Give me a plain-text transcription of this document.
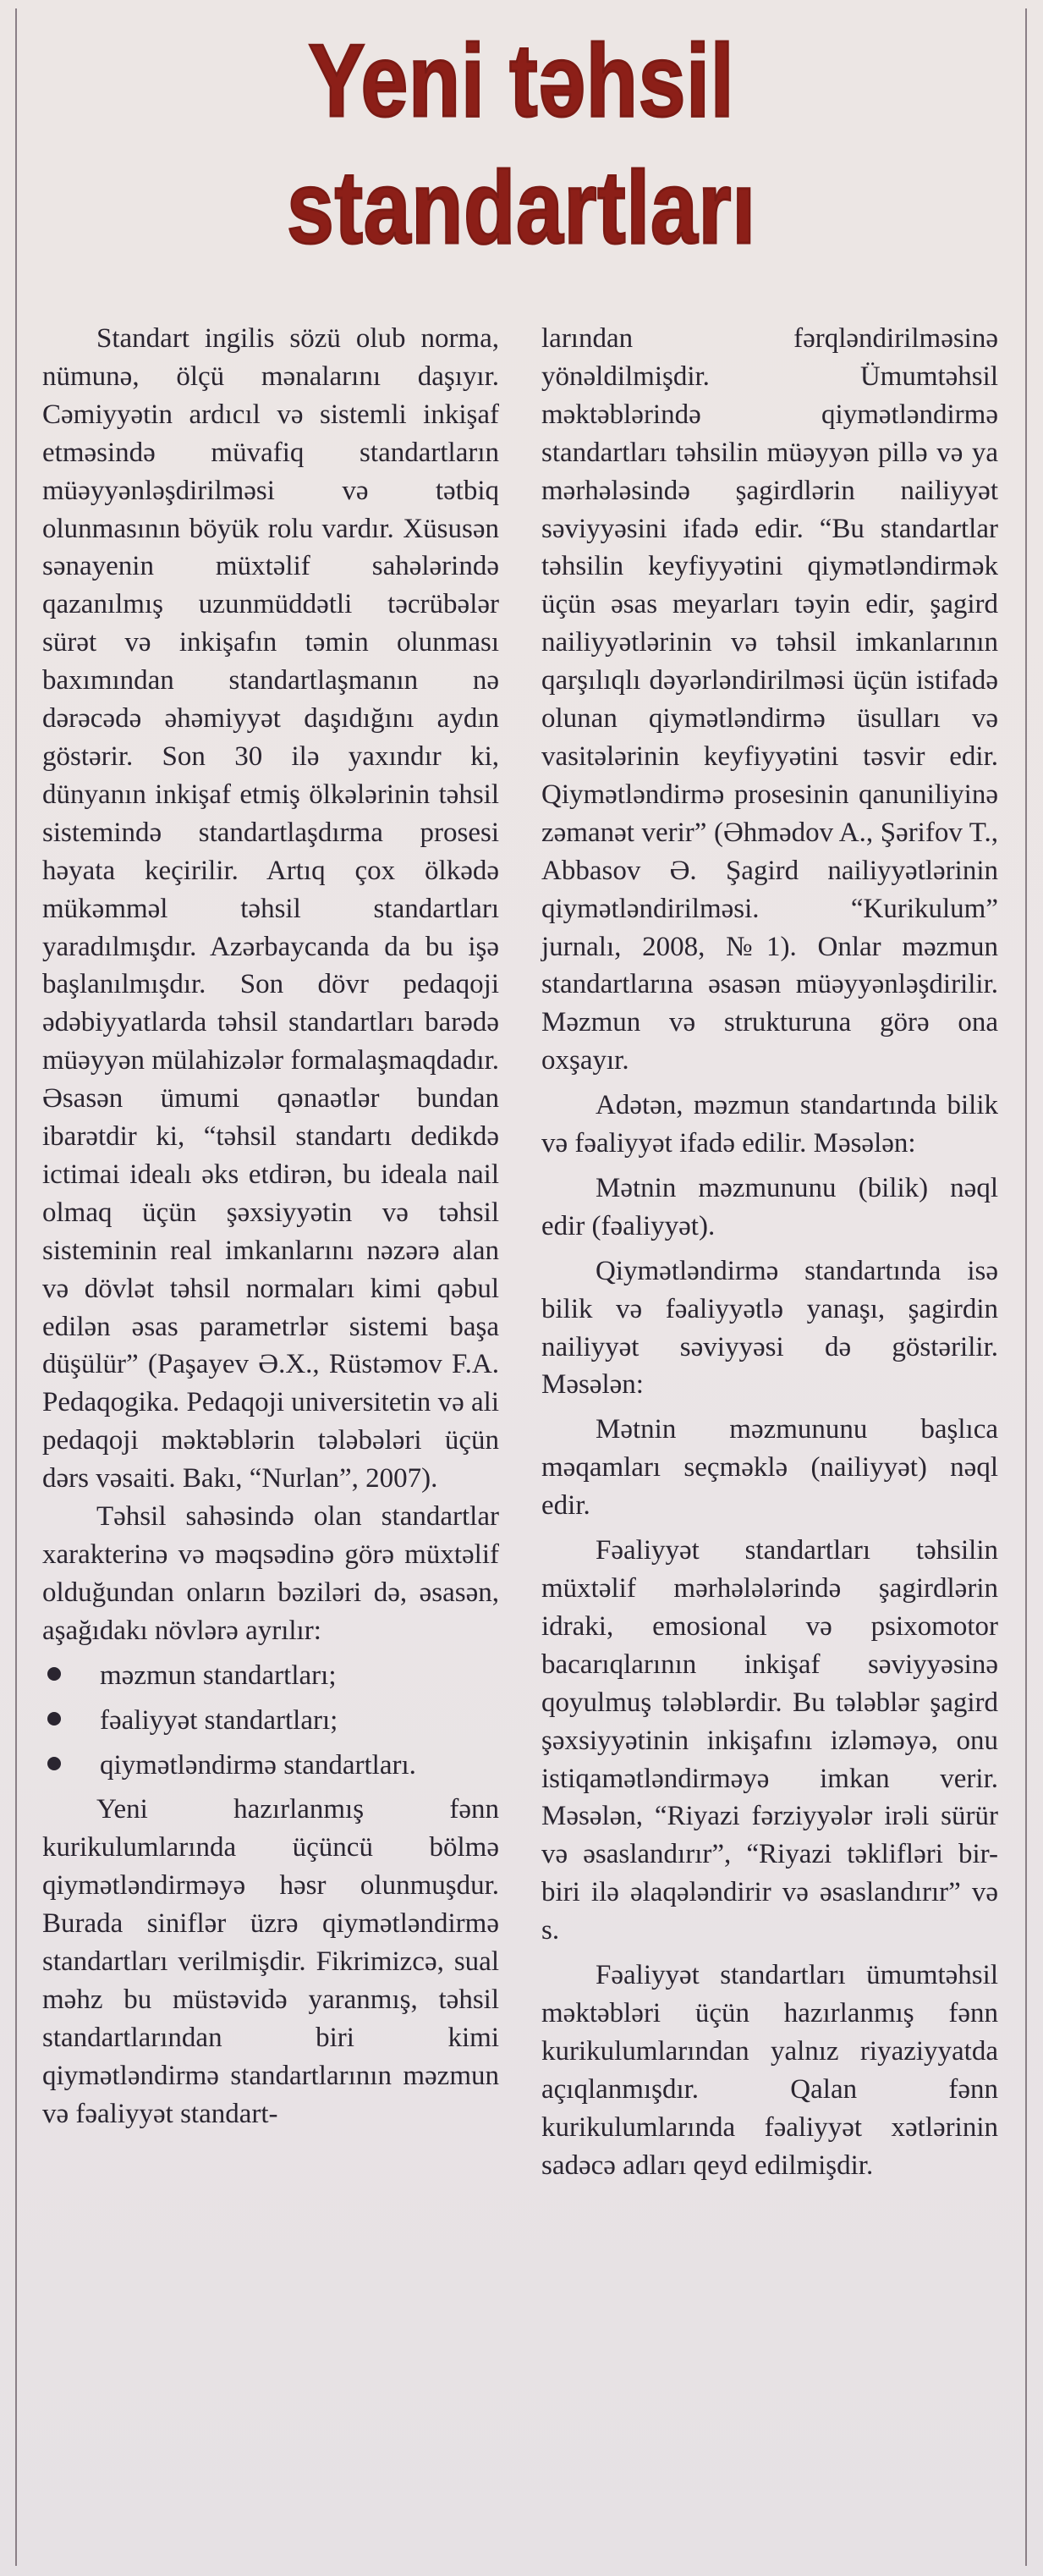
Yeni təhsil
standartları

Standart ingilis sözü olub norma, nümunə, ölçü mənalarını daşıyır. Cəmiyyətin ardıcıl və sistemli inkişaf etməsində müvafiq standartların müəyyənləşdirilməsi və tətbiq olunmasının böyük rolu vardır. Xüsusən sənayenin müxtəlif sahələrində qazanılmış uzunmüddətli təcrübələr sürət və inkişafın təmin olunması baxımından standartlaşmanın nə dərəcədə əhəmiyyət daşıdığını aydın göstərir. Son 30 ilə yaxındır ki, dünyanın inkişaf etmiş ölkələrinin təhsil sistemində standartlaşdırma prosesi həyata keçirilir. Artıq çox ölkədə mükəmməl təhsil standartları yaradılmışdır. Azərbaycanda da bu işə başlanılmışdır. Son dövr pedaqoji ədəbiyyatlarda təhsil standartları barədə müəyyən mülahizələr formalaşmaqdadır. Əsasən ümumi qənaətlər bundan ibarətdir ki, “təhsil standartı dedikdə ictimai idealı əks etdirən, bu ideala nail olmaq üçün şəxsiyyətin və təhsil sisteminin real imkanlarını nəzərə alan və dövlət təhsil normaları kimi qəbul edilən əsas parametrlər sistemi başa düşülür” (Paşayev Ə.X., Rüstəmov F.A. Pedaqogika. Pedaqoji universitetin və ali pedaqoji məktəblərin tələbələri üçün dərs vəsaiti. Bakı, “Nurlan”, 2007).

Təhsil sahəsində olan standartlar xarakterinə və məqsədinə görə müxtəlif olduğundan onların bəziləri də, əsasən, aşağıdakı növlərə ayrılır:

məzmun standartları;
fəaliyyət standartları;
qiymətləndirmə standartları.

Yeni hazırlanmış fənn kurikulumlarında üçüncü bölmə qiymətləndirməyə həsr olunmuşdur. Burada siniflər üzrə qiymətləndirmə standartları verilmişdir. Fikrimizcə, sual məhz bu müstəvidə yaranmış, təhsil standartlarından biri kimi qiymətləndirmə standartlarının məzmun və fəaliyyət standart-

larından fərqləndirilməsinə yönəldilmişdir. Ümumtəhsil məktəblərində qiymətləndirmə standartları təhsilin müəyyən pillə və ya mərhələsində şagirdlərin nailiyyət səviyyəsini ifadə edir. “Bu standartlar təhsilin keyfiyyətini qiymətləndirmək üçün əsas meyarları təyin edir, şagird nailiyyətlərinin və təhsil imkanlarının qarşılıqlı dəyərləndirilməsi üçün istifadə olunan qiymətləndirmə üsulları və vasitələrinin keyfiyyətini təsvir edir. Qiymətləndirmə prosesinin qanuniliyinə zəmanət verir” (Əhmədov A., Şərifov T., Abbasov Ə. Şagird nailiyyətlərinin qiymətləndirilməsi. “Kurikulum” jurnalı, 2008, №1). Onlar məzmun standartlarına əsasən müəyyənləşdirilir. Məzmun və strukturuna görə ona oxşayır.

Adətən, məzmun standartında bilik və fəaliyyət ifadə edilir. Məsələn:

Mətnin məzmununu (bilik) nəql edir (fəaliyyət).

Qiymətləndirmə standartında isə bilik və fəaliyyətlə yanaşı, şagirdin nailiyyət səviyyəsi də göstərilir. Məsələn:

Mətnin məzmununu başlıca məqamları seçməklə (nailiyyət) nəql edir.

Fəaliyyət standartları təhsilin müxtəlif mərhələlərində şagirdlərin idraki, emosional və psixomotor bacarıqlarının inkişaf səviyyəsinə qoyulmuş tələblərdir. Bu tələblər şagird şəxsiyyətinin inkişafını izləməyə, onu istiqamətləndirməyə imkan verir. Məsələn, “Riyazi fərziyyələr irəli sürür və əsaslandırır”, “Riyazi təklifləri bir-biri ilə əlaqələndirir və əsaslandırır” və s.

Fəaliyyət standartları ümumtəhsil məktəbləri üçün hazırlanmış fənn kurikulumlarından yalnız riyaziyyatda açıqlanmışdır. Qalan fənn kurikulumlarında fəaliyyət xətlərinin sadəcə adları qeyd edilmişdir.
